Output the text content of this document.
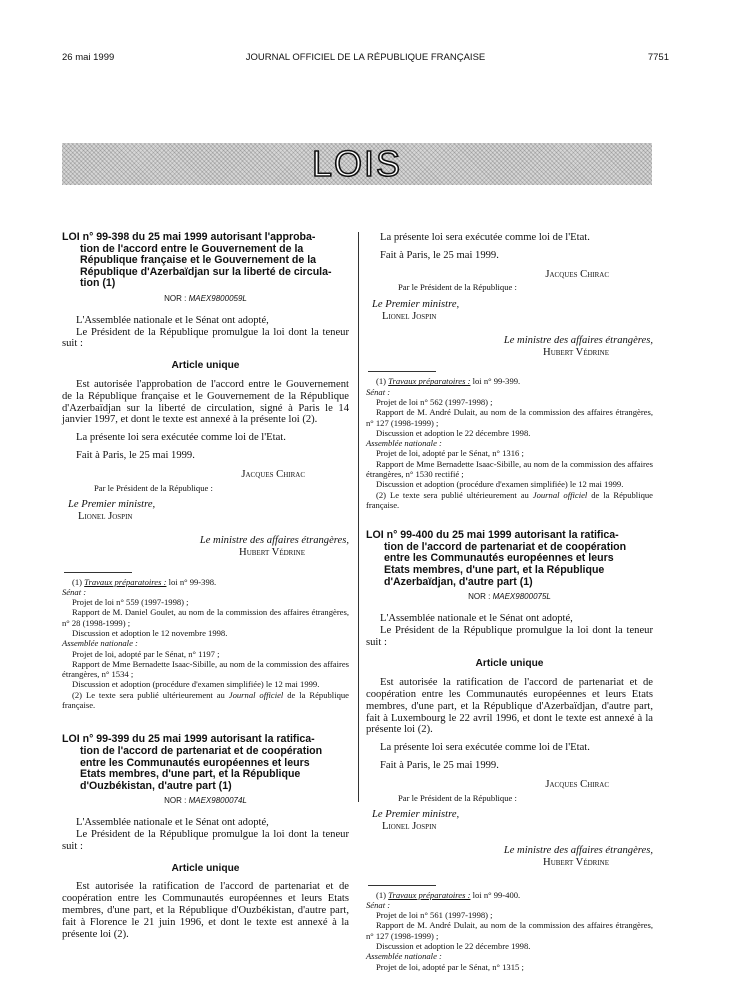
26 mai 1999	JOURNAL OFFICIEL DE LA RÉPUBLIQUE FRANÇAISE	7751
LOIS
LOI n° 99-398 du 25 mai 1999 autorisant l'approba-
tion de l'accord entre le Gouvernement de la
République française et le Gouvernement de la
République d'Azerbaïdjan sur la liberté de circula-
tion (1)
NOR : MAEX9800059L

L'Assemblée nationale et le Sénat ont adopté,

Le Président de la République promulgue la loi dont la teneur suit :

Article unique

Est autorisée l'approbation de l'accord entre le Gouvernement de la République française et le Gouvernement de la République d'Azerbaïdjan sur la liberté de circulation, signé à Paris le 14 janvier 1997, et dont le texte est annexé à la présente loi (2).

La présente loi sera exécutée comme loi de l'Etat.

Fait à Paris, le 25 mai 1999.

Jacques Chirac
Par le Président de la République :
Le Premier ministre,
Lionel Jospin
Le ministre des affaires étrangères,
Hubert Védrine
(1) Travaux préparatoires : loi n° 99-398.
Sénat :
Projet de loi n° 559 (1997-1998) ;
Rapport de M. Daniel Goulet, au nom de la commission des affaires étrangères, n° 28 (1998-1999) ;
Discussion et adoption le 12 novembre 1998.
Assemblée nationale :
Projet de loi, adopté par le Sénat, n° 1197 ;
Rapport de Mme Bernadette Isaac-Sibille, au nom de la commission des affaires étrangères, n° 1534 ;
Discussion et adoption (procédure d'examen simplifiée) le 12 mai 1999.
(2) Le texte sera publié ultérieurement au Journal officiel de la République française.
LOI n° 99-399 du 25 mai 1999 autorisant la ratifica-
tion de l'accord de partenariat et de coopération
entre les Communautés européennes et leurs
Etats membres, d'une part, et la République
d'Ouzbékistan, d'autre part (1)
NOR : MAEX9800074L

L'Assemblée nationale et le Sénat ont adopté,

Le Président de la République promulgue la loi dont la teneur suit :

Article unique

Est autorisée la ratification de l'accord de partenariat et de coopération entre les Communautés européennes et leurs Etats membres, d'une part, et la République d'Ouzbékistan, d'autre part, fait à Florence le 21 juin 1996, et dont le texte est annexé à la présente loi (2).

La présente loi sera exécutée comme loi de l'Etat.

Fait à Paris, le 25 mai 1999.

Jacques Chirac
Par le Président de la République :
Le Premier ministre,
Lionel Jospin
Le ministre des affaires étrangères,
Hubert Védrine
(1) Travaux préparatoires : loi n° 99-399.
Sénat :
Projet de loi n° 562 (1997-1998) ;
Rapport de M. André Dulait, au nom de la commission des affaires étrangères, n° 127 (1998-1999) ;
Discussion et adoption le 22 décembre 1998.
Assemblée nationale :
Projet de loi, adopté par le Sénat, n° 1316 ;
Rapport de Mme Bernadette Isaac-Sibille, au nom de la commission des affaires étrangères, n° 1530 rectifié ;
Discussion et adoption (procédure d'examen simplifiée) le 12 mai 1999.
(2) Le texte sera publié ultérieurement au Journal officiel de la République française.
LOI n° 99-400 du 25 mai 1999 autorisant la ratifica-
tion de l'accord de partenariat et de coopération
entre les Communautés européennes et leurs
Etats membres, d'une part, et la République
d'Azerbaïdjan, d'autre part (1)
NOR : MAEX9800075L

L'Assemblée nationale et le Sénat ont adopté,

Le Président de la République promulgue la loi dont la teneur suit :

Article unique

Est autorisée la ratification de l'accord de partenariat et de coopération entre les Communautés européennes et leurs Etats membres, d'une part, et la République d'Azerbaïdjan, d'autre part, fait à Luxembourg le 22 avril 1996, et dont le texte est annexé à la présente loi (2).

La présente loi sera exécutée comme loi de l'Etat.

Fait à Paris, le 25 mai 1999.

Jacques Chirac
Par le Président de la République :
Le Premier ministre,
Lionel Jospin
Le ministre des affaires étrangères,
Hubert Védrine
(1) Travaux préparatoires : loi n° 99-400.
Sénat :
Projet de loi n° 561 (1997-1998) ;
Rapport de M. André Dulait, au nom de la commission des affaires étrangères, n° 127 (1998-1999) ;
Discussion et adoption le 22 décembre 1998.
Assemblée nationale :
Projet de loi, adopté par le Sénat, n° 1315 ;
